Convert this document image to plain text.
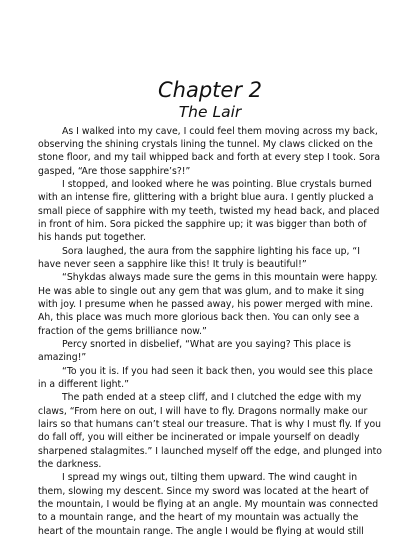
Chapter 2
The Lair
As I walked into my cave, I could feel them moving across my back,
observing the shining crystals lining the tunnel. My claws clicked on the
stone floor, and my tail whipped back and forth at every step I took. Sora
gasped, “Are those sapphire’s?!”
I stopped, and looked where he was pointing. Blue crystals burned
with an intense fire, glittering with a bright blue aura. I gently plucked a
small piece of sapphire with my teeth, twisted my head back, and placed
in front of him. Sora picked the sapphire up; it was bigger than both of
his hands put together.
Sora laughed, the aura from the sapphire lighting his face up, “I
have never seen a sapphire like this! It truly is beautiful!”
“Shykdas always made sure the gems in this mountain were happy.
He was able to single out any gem that was glum, and to make it sing
with joy. I presume when he passed away, his power merged with mine.
Ah, this place was much more glorious back then. You can only see a
fraction of the gems brilliance now.”
Percy snorted in disbelief, “What are you saying? This place is
amazing!”
“To you it is. If you had seen it back then, you would see this place
in a different light.”
The path ended at a steep cliff, and I clutched the edge with my
claws, “From here on out, I will have to fly. Dragons normally make our
lairs so that humans can’t steal our treasure. That is why I must fly. If you
do fall off, you will either be incinerated or impale yourself on deadly
sharpened stalagmites.” I launched myself off the edge, and plunged into
the darkness.
I spread my wings out, tilting them upward. The wind caught in
them, slowing my descent. Since my sword was located at the heart of
the mountain, I would be flying at an angle. My mountain was connected
to a mountain range, and the heart of my mountain was actually the
heart of the mountain range. The angle I would be flying at would still
